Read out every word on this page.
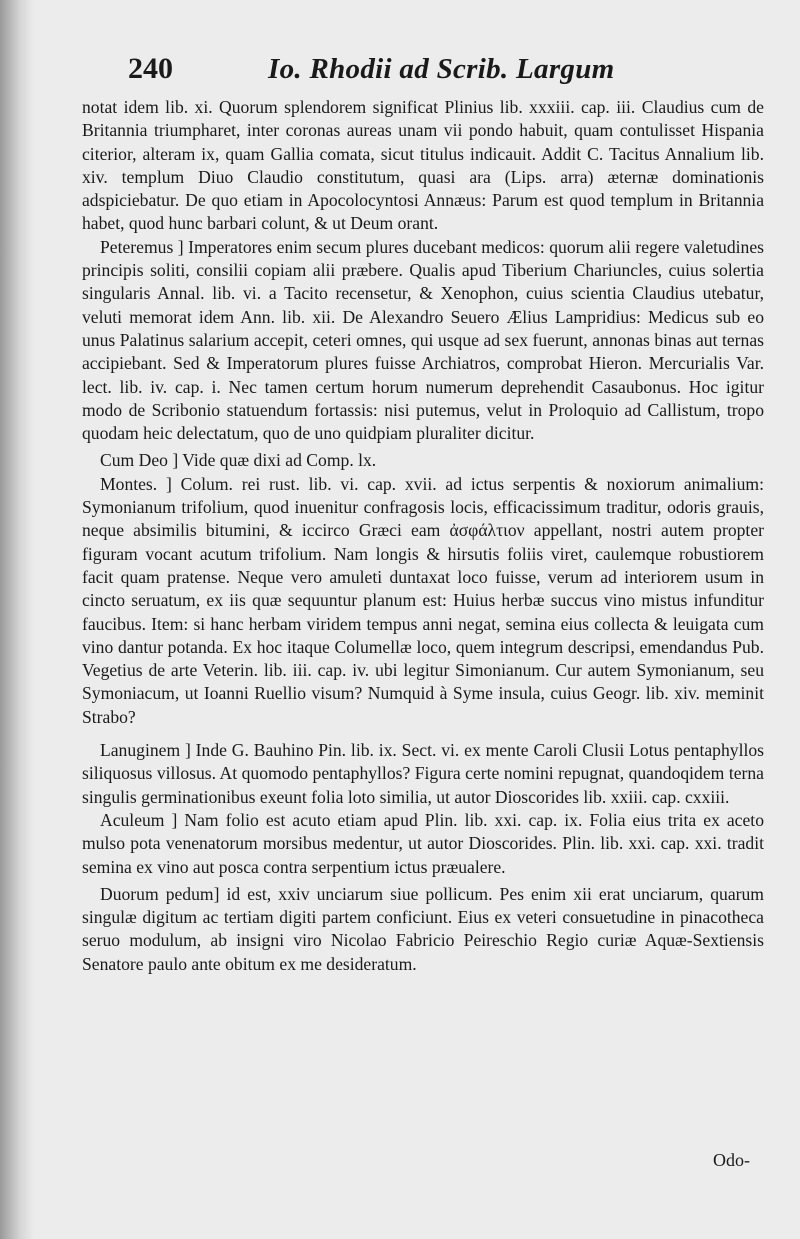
240	Io. Rhodii ad Scrib. Largum

notat idem lib. xi. Quorum splendorem significat Plinius lib. xxxiii. cap. iii. Claudius cum de Britannia triumpharet, inter coronas aureas unam vii pondo habuit, quam contulisset Hispania citerior, alteram ix, quam Gallia comata, sicut titulus indicauit. Addit C. Tacitus Annalium lib. xiv. templum Diuo Claudio constitutum, quasi ara (Lips. arra) æternæ dominationis adspiciebatur. De quo etiam in Apocolocyntosi Annæus: Parum est quod templum in Britannia habet, quod hunc barbari colunt, & ut Deum orant.

Peteremus ] Imperatores enim secum plures ducebant medicos: quorum alii regere valetudines principis soliti, consilii copiam alii præbere. Qualis apud Tiberium Chariuncles, cuius solertia singularis Annal. lib. vi. a Tacito recensetur, & Xenophon, cuius scientia Claudius utebatur, veluti memorat idem Ann. lib. xii. De Alexandro Seuero Ælius Lampridius: Medicus sub eo unus Palatinus salarium accepit, ceteri omnes, qui usque ad sex fuerunt, annonas binas aut ternas accipiebant. Sed & Imperatorum plures fuisse Archiatros, comprobat Hieron. Mercurialis Var. lect. lib. iv. cap. i. Nec tamen certum horum numerum deprehendit Casaubonus. Hoc igitur modo de Scribonio statuendum fortassis: nisi putemus, velut in Proloquio ad Callistum, tropo quodam heic delectatum, quo de uno quidpiam pluraliter dicitur.

Cum Deo ] Vide quæ dixi ad Comp. lx.

Montes. ] Colum. rei rust. lib. vi. cap. xvii. ad ictus serpentis & noxiorum animalium: Symonianum trifolium, quod inuenitur confragosis locis, efficacissimum traditur, odoris grauis, neque absimilis bitumini, & iccirco Græci eam ἀσφάλτιον appellant, nostri autem propter figuram vocant acutum trifolium. Nam longis & hirsutis foliis viret, caulemque robustiorem facit quam pratense. Neque vero amuleti duntaxat loco fuisse, verum ad interiorem usum in cincto seruatum, ex iis quæ sequuntur planum est: Huius herbæ succus vino mistus infunditur faucibus. Item: si hanc herbam viridem tempus anni negat, semina eius collecta & leuigata cum vino dantur potanda. Ex hoc itaque Columellæ loco, quem integrum descripsi, emendandus Pub. Vegetius de arte Veterin. lib. iii. cap. iv. ubi legitur Simonianum. Cur autem Symonianum, seu Symoniacum, ut Ioanni Ruellio visum? Numquid à Syme insula, cuius Geogr. lib. xiv. meminit Strabo?

Lanuginem ] Inde G. Bauhino Pin. lib. ix. Sect. vi. ex mente Caroli Clusii Lotus pentaphyllos siliquosus villosus. At quomodo pentaphyllos? Figura certe nomini repugnat, quandoqidem terna singulis germinationibus exeunt folia loto similia, ut autor Dioscorides lib. xxiii. cap. cxxiii.

Aculeum ] Nam folio est acuto etiam apud Plin. lib. xxi. cap. ix. Folia eius trita ex aceto mulso pota venenatorum morsibus medentur, ut autor Dioscorides. Plin. lib. xxi. cap. xxi. tradit semina ex vino aut posca contra serpentium ictus præualere.

Duorum pedum] id est, xxiv unciarum siue pollicum. Pes enim xii erat unciarum, quarum singulæ digitum ac tertiam digiti partem conficiunt. Eius ex veteri consuetudine in pinacotheca seruo modulum, ab insigni viro Nicolao Fabricio Peireschio Regio curiæ Aquæ-Sextiensis Senatore paulo ante obitum ex me desideratum.

Odo-
